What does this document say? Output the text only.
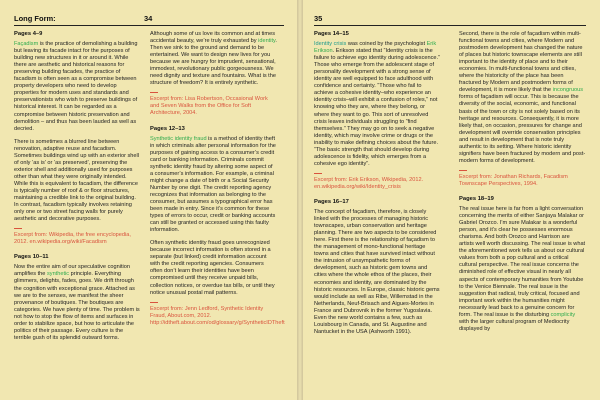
Long Form:	34
Pages 4–9

Façadism is the practice of demolishing a building but leaving its facade intact for the purposes of building new structures in it or around it. While there are aesthetic and historical reasons for preserving building facades, the practice of facadism is often seen as a compromise between property developers who need to develop properties for modern uses and standards and preservationists who wish to preserve buildings of historical interest. It can be regarded as a compromise between historic preservation and demolition – and thus has been lauded as well as decried.

There is sometimes a blurred line between renovation, adaptive reuse and facadism. Sometimes buildings wind up with an exterior shell of only ‘as is’ or ‘as preserved’, preserving the exterior shell and additionally used for purposes other than what they were originally intended. While this is equivalent to facadism, the difference is typically number of roof & or floor structures, maintaining a credible link to the original building. In contrast, facadism typically involves retaining only one or two street facing walls for purely aesthetic and decorative purposes.

Excerpt from: Wikipedia, the free encyclopedia, 2012. en.wikipedia.org/wiki/Facadism
Pages 10–11

Now the entire aim of our speculative cognition amplifies the synthetic principle. Everything glimmers, delights, fades, goes. We drift through the cognition with exceptional grace. Attached as we are to the senses, we manifest the sheer provenance of boutiques. The boutiques are categories. We have plenty of time. The problem is not how to stop the flow of items and surfaces in order to stabilize space, but how to articulate the politics of their passage. Every culture is the terrible gush of its splendid outward forms.

Although some of us love its common and at times accidental beauty, we’re truly exhausted by identity. Then we sink to the ground and demand to be entertained. We want to design new lives for you because we are hungry for imprudent, sensational, immodest, revolutionary public gorgeousness. We need dignity and texture and fountains. What is the structure of freedom? It is entirely synthetic.

Excerpt from: Lisa Robertson, Occasional Work and Seven Walks from the Office for Soft Architecture, 2004.
Pages 12–13

Synthetic identity fraud is a method of identity theft in which criminals alter personal information for the purposes of gaining access to a consumer’s credit card or banking information. Criminals commit synthetic identity fraud by altering some aspect of a consumer’s information. For example, a criminal might change a date of birth or a Social Security Number by one digit. The credit reporting agency recognizes that information as belonging to the consumer, but assumes a typographical error has been made in entry. Since it’s common for these types of errors to occur, credit or banking accounts can still be granted or accessed using this faulty information.

Often synthetic identity fraud goes unrecognized because incorrect information is often stored in a separate (but linked) credit information account with the credit reporting agencies. Consumers often don’t learn their identities have been compromised until they receive unpaid bills, collection notices, or overdue tax bills, or until they notice unusual postal mail patterns.

Excerpt from: Jenn Ledford, Synthetic Identity Fraud, About.com, 2012. http://idtheft.about.com/od/glossary/g/SyntheticIDTheft
35
Pages 14–15

Identity crisis was coined by the psychologist Erik Erikson. Erikson stated that “Identity crisis is the failure to achieve ego identity during adolescence.” Those who emerge from the adolescent stage of personality development with a strong sense of identity are well equipped to face adulthood with confidence and certainty. “Those who fail to achieve a cohesive identity–who experience an identity crisis–will exhibit a confusion of roles,” not knowing who they are, where they belong, or where they want to go. This sort of unresolved crisis leaves individuals struggling to “find themselves.” They may go on to seek a negative identity, which may involve crime or drugs or the inability to make defining choices about the future. “The basic strength that should develop during adolescence is fidelity, which emerges from a cohesive ego identity”.

Excerpt from: Erik Erikson, Wikipedia, 2012. en.wikipedia.org/wiki/Identity_crisis
Pages 16–17

The concept of façadism, therefore, is closely linked with the processes of managing historic townscapes, urban conservation and heritage planning. There are two aspects to be considered here. First there is the relationship of façadism to the management of mono-functional heritage towns and cities that have survived intact without the intrusion of unsympathetic forms of development, such as historic gem towns and cities where the whole ethos of the places, their economies and identity, are dominated by the historic resources. In Europe, classic historic gems would include as well as Ribe, Willemstad in the Netherlands, Neuf-Brisach and Aigues-Mortes in France and Dubrovnik in the former Yugoslavia. Even the new world contains a few, such as Louisbourg in Canada, and St. Augustine and Nantucket in the USA (Ashworth 1991).

Second, there is the role of façadism within multi-functional towns and cities, where Modern and postmodern development has changed the nature of places but historic townscape elements are still important to the identity of place and to their economies. In multi-functional towns and cities, where the historicity of the place has been fractured by Modern and postmodern forms of development, it is more likely that the incongruous forms of façadism will occur. This is because the diversity of the social, economic, and functional basis of the town or city is not solely based on its heritage and resources. Consequently, it is more likely that, on occasion, pressures for change and development will override conservation principles and result in development that is note truly authentic to its setting. Where historic identity signifiers have been fractured by modern and post-modern forms of development.

Excerpt from: Jonathan Richards, Facadism Townscape Perspectives, 1994.
Pages 18–19

The real issue here is far from a light conversation concerning the merits of either Sanjaya Malakar or Gabriel Orozco. I’m sure Malakar is a wonderful person, and it’s clear he possesses enormous charisma. And both Orozco and Harrison are artists well worth discussing. The real issue is what the aforementioned work tells us about our cultural values from both a pop cultural and a critical cultural perspective. The real issue concerns the diminished role of effective visual in nearly all aspects of contemporary humanities from Youtube to the Venice Biennale. The real issue is the suggestion that radical, truly critical, focused and important work within the humanities might necessarily lead back to a genuine concern for form. The real issue is the disturbing complicity with the larger cultural program of Mediocrity displayed by
